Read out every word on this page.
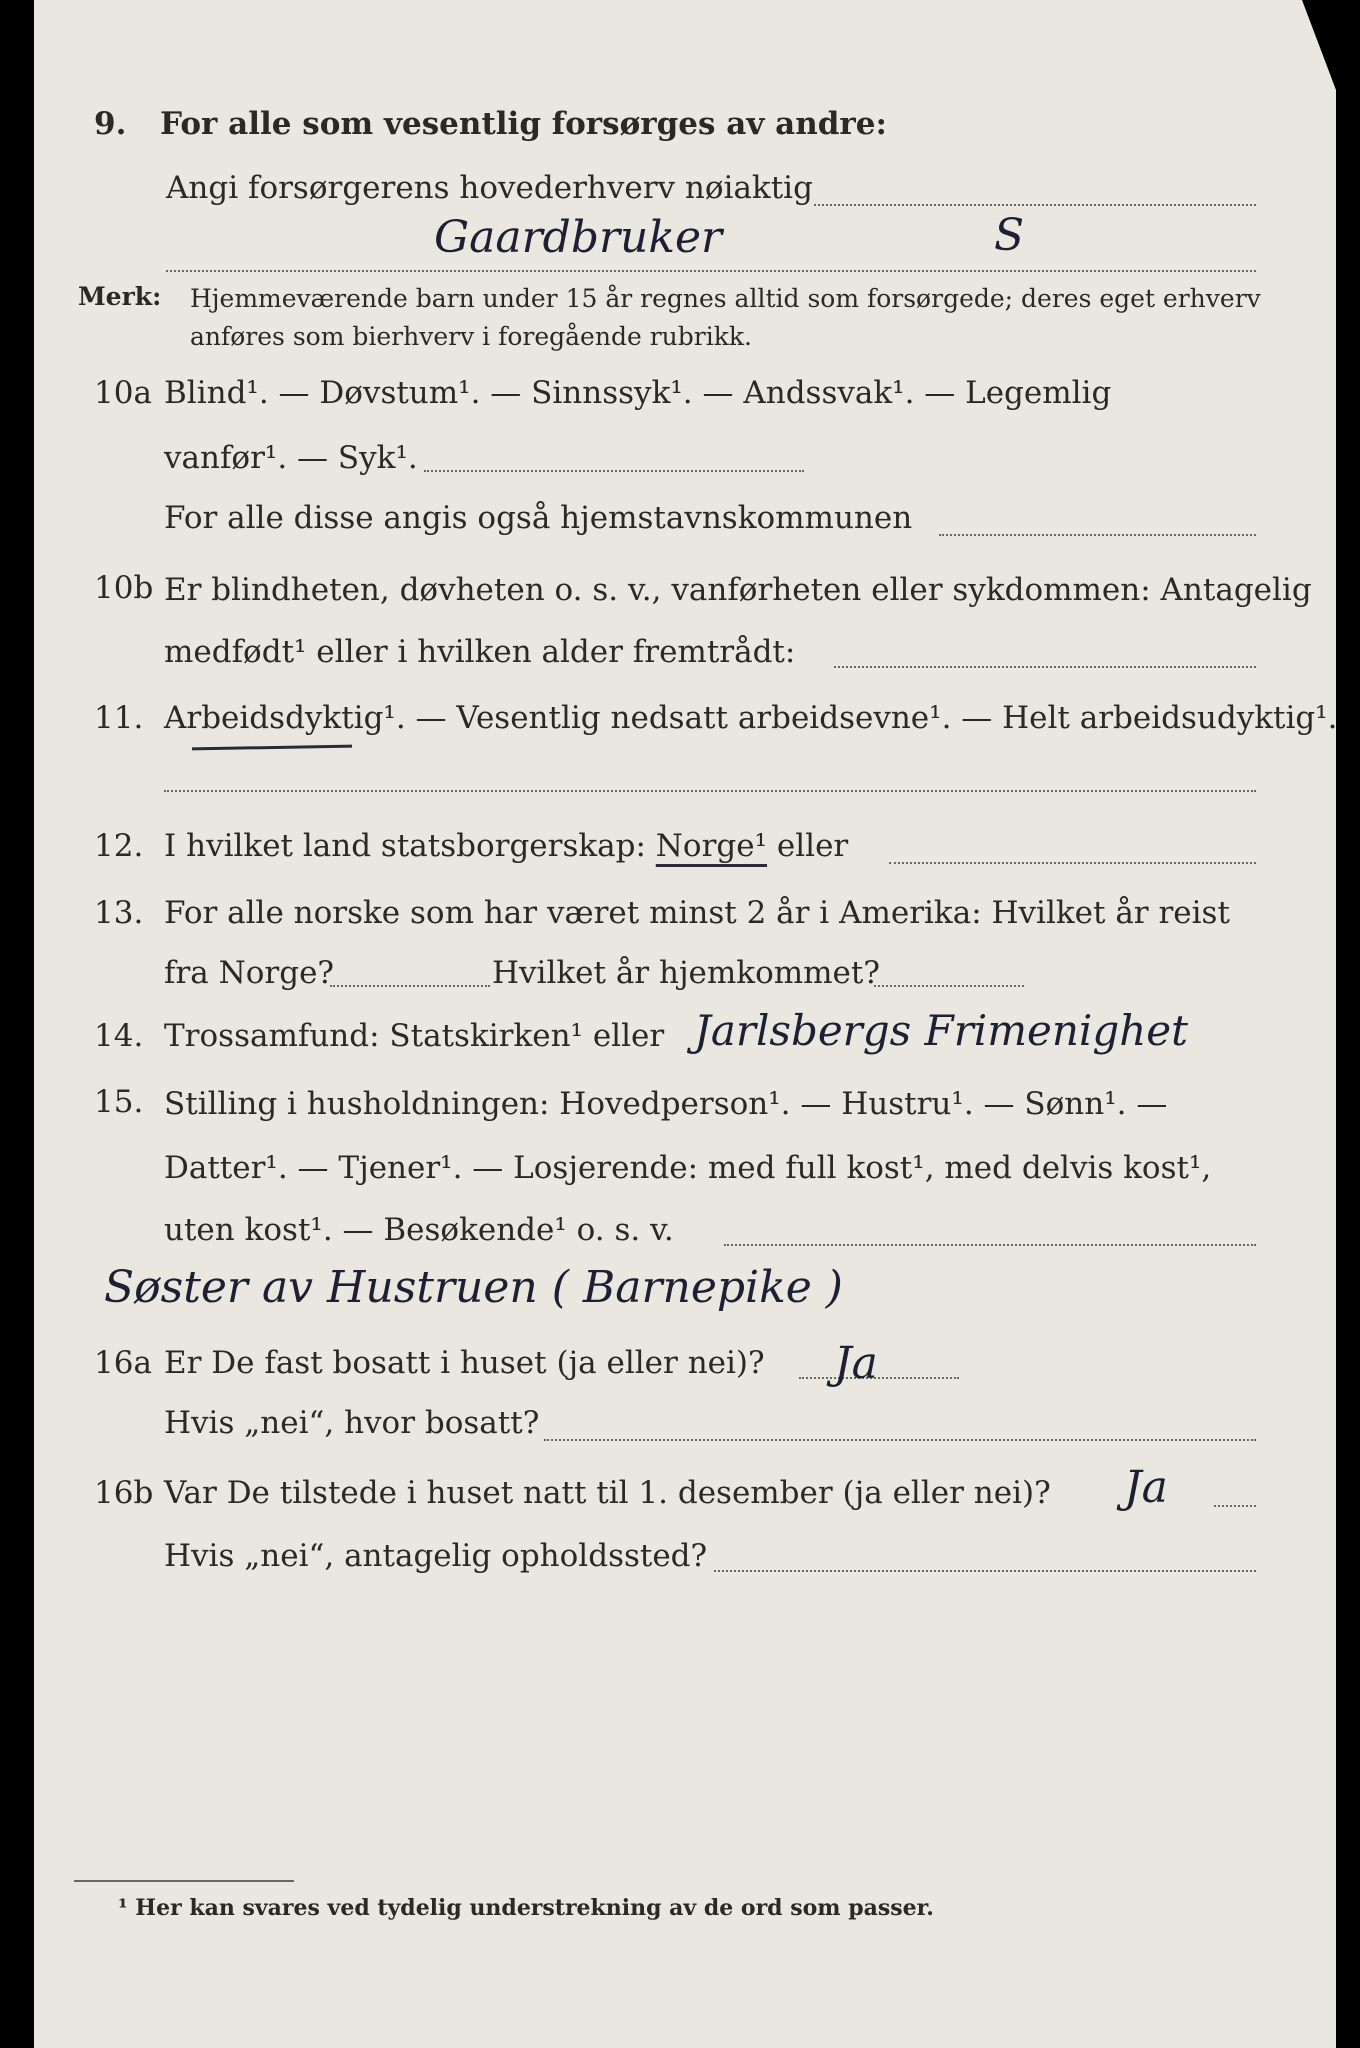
9. For alle som vesentlig forsørges av andre:
Angi forsørgerens hovederhverv nøiaktig
Gaardbruker	S
Merk: Hjemmeværende barn under 15 år regnes alltid som forsørgede; deres eget erhverv
anføres som bierhverv i foregående rubrikk.
10a Blind¹. — Døvstum¹. — Sinnssyk¹. — Andssvak¹. — Legemlig
vanfør¹. — Syk¹.
For alle disse angis også hjemstavnskommunen
10b Er blindheten, døvheten o. s. v., vanførheten eller sykdommen: Antagelig
medfødt¹ eller i hvilken alder fremtrådt:
11. Arbeidsdyktig¹. — Vesentlig nedsatt arbeidsevne¹. — Helt arbeidsudyktig¹.
12. I hvilket land statsborgerskap: Norge¹ eller
13. For alle norske som har været minst 2 år i Amerika: Hvilket år reist
fra Norge?	Hvilket år hjemkommet?
14. Trossamfund: Statskirken¹ eller Jarlsbergs Frimenighet
15. Stilling i husholdningen: Hovedperson¹. — Hustru¹. — Sønn¹. —
Datter¹. — Tjener¹. — Losjerende: med full kost¹, med delvis kost¹,
uten kost¹. — Besøkende¹ o. s. v.
Søster av Hustruen ( Barnepike )
16a Er De fast bosatt i huset (ja eller nei)? Ja
Hvis „nei“, hvor bosatt?
16b Var De tilstede i huset natt til 1. desember (ja eller nei)? Ja
Hvis „nei“, antagelig opholdssted?
¹ Her kan svares ved tydelig understrekning av de ord som passer.
